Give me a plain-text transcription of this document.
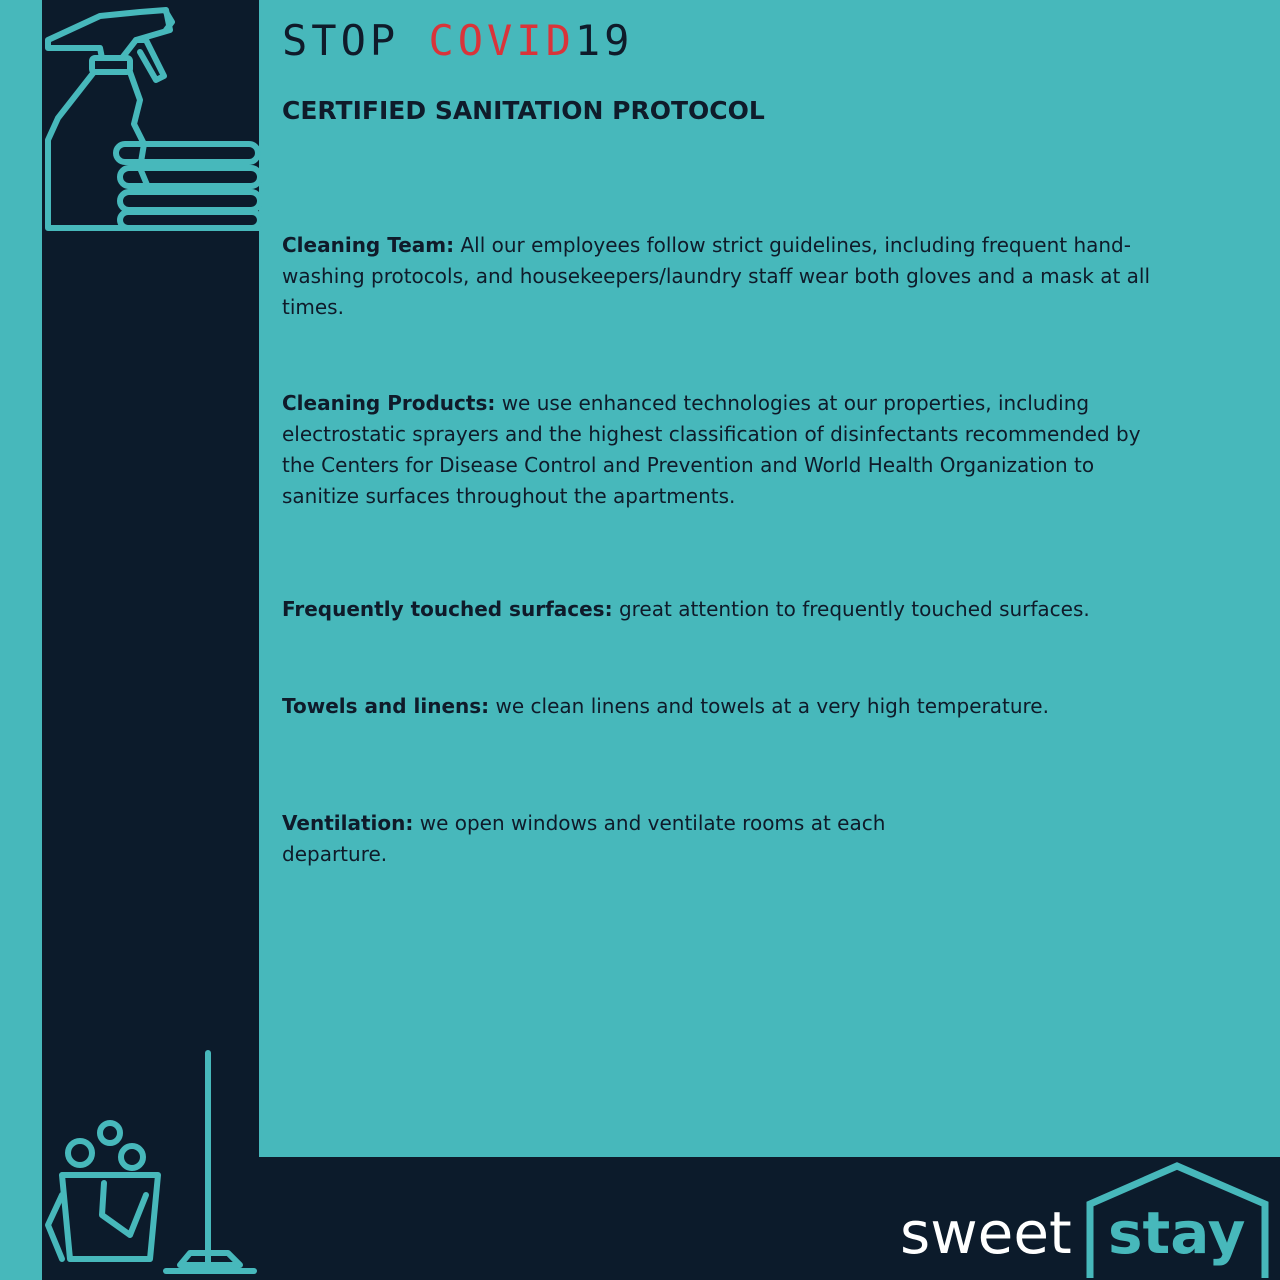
STOP COVID19
CERTIFIED SANITATION PROTOCOL

Cleaning Team: All our employees follow strict guidelines, including frequent hand-washing protocols, and housekeepers/laundry staff wear both gloves and a mask at all times.

Cleaning Products: we use enhanced technologies at our properties, including electrostatic sprayers and the highest classification of disinfectants recommended by the Centers for Disease Control and Prevention and World Health Organization to sanitize surfaces throughout the apartments.

Frequently touched surfaces: great attention to frequently touched surfaces.

Towels and linens: we clean linens and towels at a very high temperature.

Ventilation: we open windows and ventilate rooms at each departure.

sweet stay
